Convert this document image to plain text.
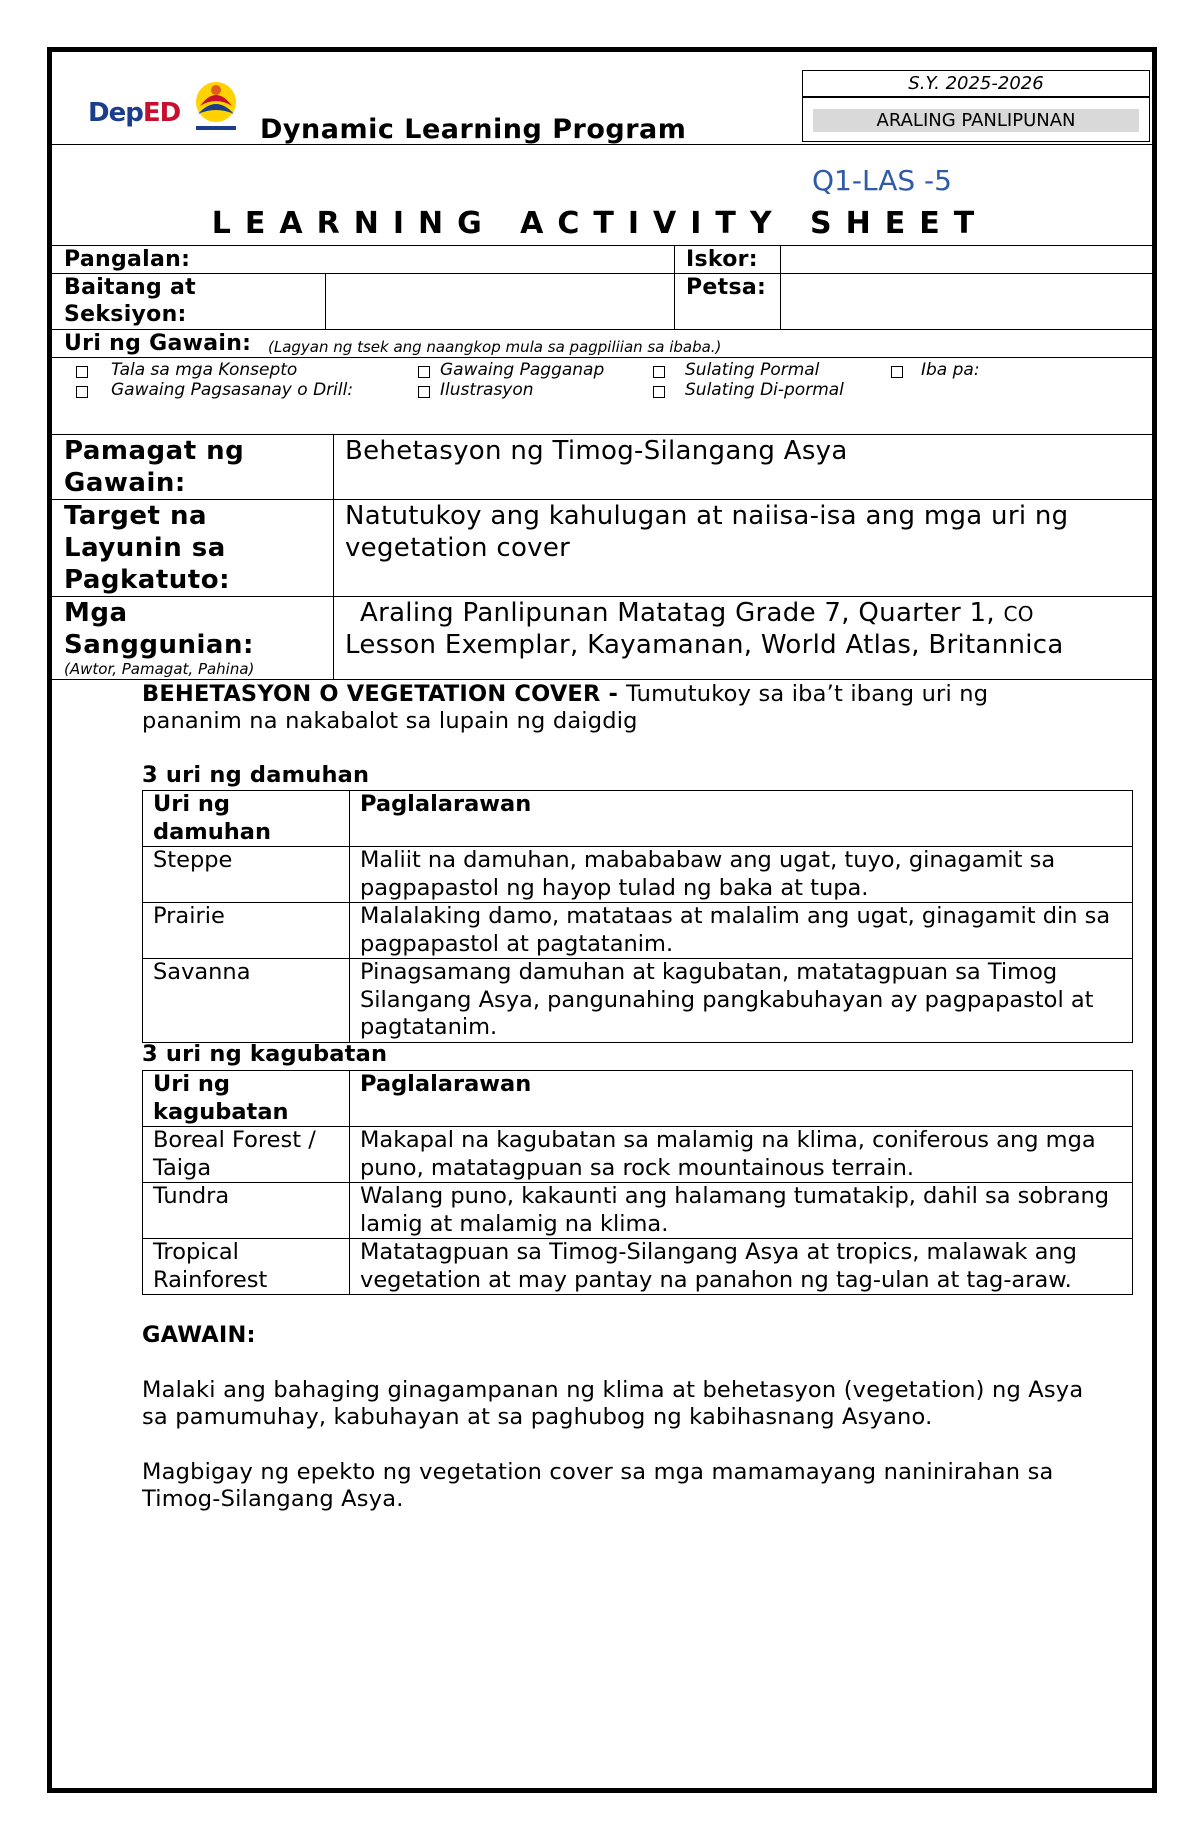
DepED
Dynamic Learning Program
S.Y. 2025-2026
ARALING PANLIPUNAN
Q1-LAS -5
LEARNING ACTIVITY SHEET
Pangalan:	Iskor:
Baitang at
Seksiyon:
Petsa:
Uri ng Gawain: (Lagyan ng tsek ang naangkop mula sa pagpiliian sa ibaba.)
Tala sa mga Konsepto	Gawaing Pagganap	Sulating Pormal	Iba pa:
Gawaing Pagsasanay o Drill:	Ilustrasyon	Sulating Di-pormal
Pamagat ng
Gawain:
Behetasyon ng Timog-Silangang Asya
Target na
Layunin sa
Pagkatuto:
Natutukoy ang kahulugan at naiisa-isa ang mga uri ng
vegetation cover
Mga
Sanggunian:
(Awtor, Pamagat, Pahina)
Araling Panlipunan Matatag Grade 7, Quarter 1, CO
Lesson Exemplar, Kayamanan, World Atlas, Britannica
BEHETASYON O VEGETATION COVER - Tumutukoy sa iba’t ibang uri ng
pananim na nakabalot sa lupain ng daigdig
3 uri ng damuhan
Uri ng damuhan	Paglalarawan
Steppe	Maliit na damuhan, mabababaw ang ugat, tuyo, ginagamit sa pagpapastol ng hayop tulad ng baka at tupa.
Prairie	Malalaking damo, matataas at malalim ang ugat, ginagamit din sa pagpapastol at pagtatanim.
Savanna	Pinagsamang damuhan at kagubatan, matatagpuan sa Timog Silangang Asya, pangunahing pangkabuhayan ay pagpapastol at pagtatanim.
3 uri ng kagubatan
Uri ng kagubatan	Paglalarawan
Boreal Forest / Taiga	Makapal na kagubatan sa malamig na klima, coniferous ang mga puno, matatagpuan sa rock mountainous terrain.
Tundra	Walang puno, kakaunti ang halamang tumatakip, dahil sa sobrang lamig at malamig na klima.
Tropical Rainforest	Matatagpuan sa Timog-Silangang Asya at tropics, malawak ang vegetation at may pantay na panahon ng tag-ulan at tag-araw.
GAWAIN:
Malaki ang bahaging ginagampanan ng klima at behetasyon (vegetation) ng Asya
sa pamumuhay, kabuhayan at sa paghubog ng kabihasnang Asyano.
Magbigay ng epekto ng vegetation cover sa mga mamamayang naninirahan sa
Timog-Silangang Asya.
